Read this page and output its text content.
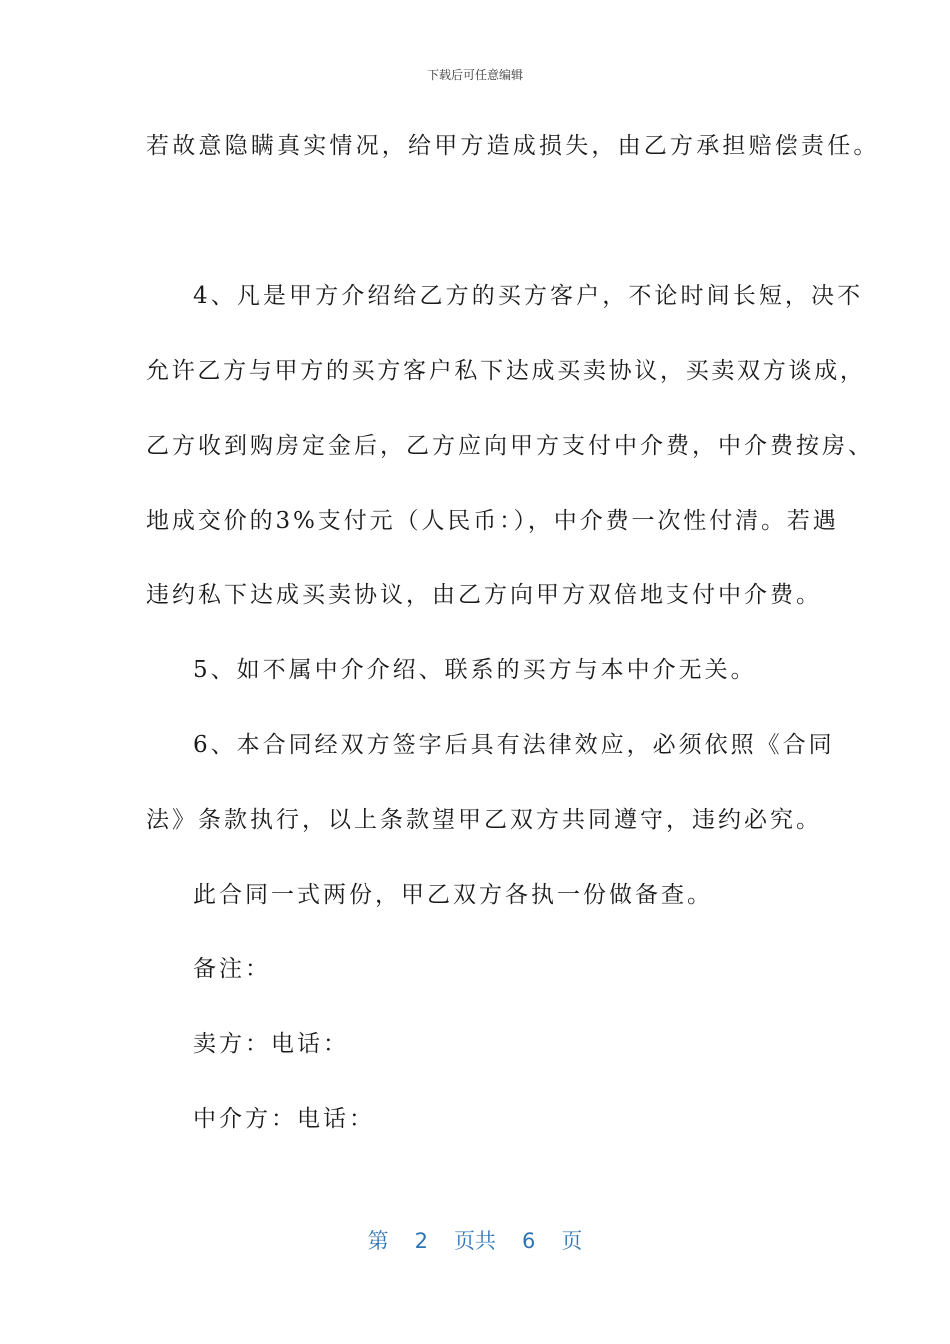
下载后可任意编辑
若故意隐瞒真实情况，给甲方造成损失，由乙方承担赔偿责任。
4、凡是甲方介绍给乙方的买方客户，不论时间长短，决不
允许乙方与甲方的买方客户私下达成买卖协议，买卖双方谈成，
乙方收到购房定金后，乙方应向甲方支付中介费，中介费按房、
地成交价的3%支付元（人民币：），中介费一次性付清。若遇
违约私下达成买卖协议，由乙方向甲方双倍地支付中介费。
5、如不属中介介绍、联系的买方与本中介无关。
6、本合同经双方签字后具有法律效应，必须依照《合同
法》条款执行，以上条款望甲乙双方共同遵守，违约必究。
此合同一式两份，甲乙双方各执一份做备查。
备注：
卖方：电话：
中介方：电话：
第 2 页共 6 页
